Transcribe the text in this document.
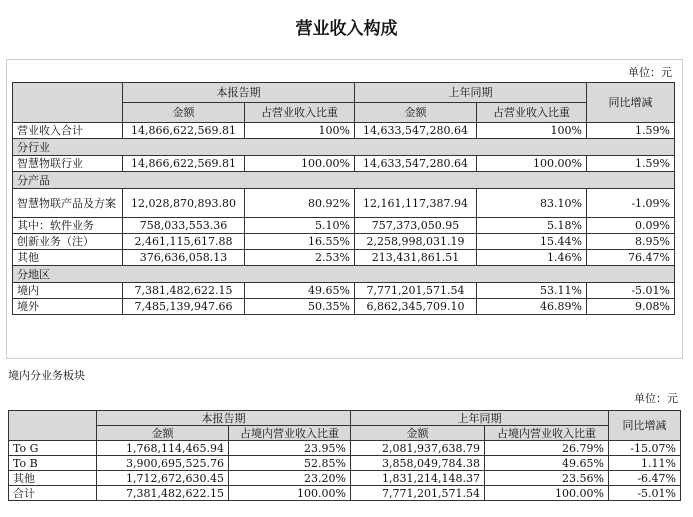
营业收入构成
单位：元
	本报告期		上年同期		同比增减
	金额	占营业收入比重	金额	占营业收入比重	
营业收入合计	14,866,622,569.81	100%	14,633,547,280.64	100%	1.59%
分行业					
智慧物联行业	14,866,622,569.81	100.00%	14,633,547,280.64	100.00%	1.59%
分产品					
智慧物联产品及方案	12,028,870,893.80	80.92%	12,161,117,387.94	83.10%	-1.09%
其中：软件业务	758,033,553.36	5.10%	757,373,050.95	5.18%	0.09%
创新业务（注）	2,461,115,617.88	16.55%	2,258,998,031.19	15.44%	8.95%
其他	376,636,058.13	2.53%	213,431,861.51	1.46%	76.47%
分地区					
境内	7,381,482,622.15	49.65%	7,771,201,571.54	53.11%	-5.01%
境外	7,485,139,947.66	50.35%	6,862,345,709.10	46.89%	9.08%
境内分业务板块
单位：元
	本报告期		上年同期		同比增减
	金额	占境内营业收入比重	金额	占境内营业收入比重	
To G	1,768,114,465.94	23.95%	2,081,937,638.79	26.79%	-15.07%
To B	3,900,695,525.76	52.85%	3,858,049,784.38	49.65%	1.11%
其他	1,712,672,630.45	23.20%	1,831,214,148.37	23.56%	-6.47%
合计	7,381,482,622.15	100.00%	7,771,201,571.54	100.00%	-5.01%
